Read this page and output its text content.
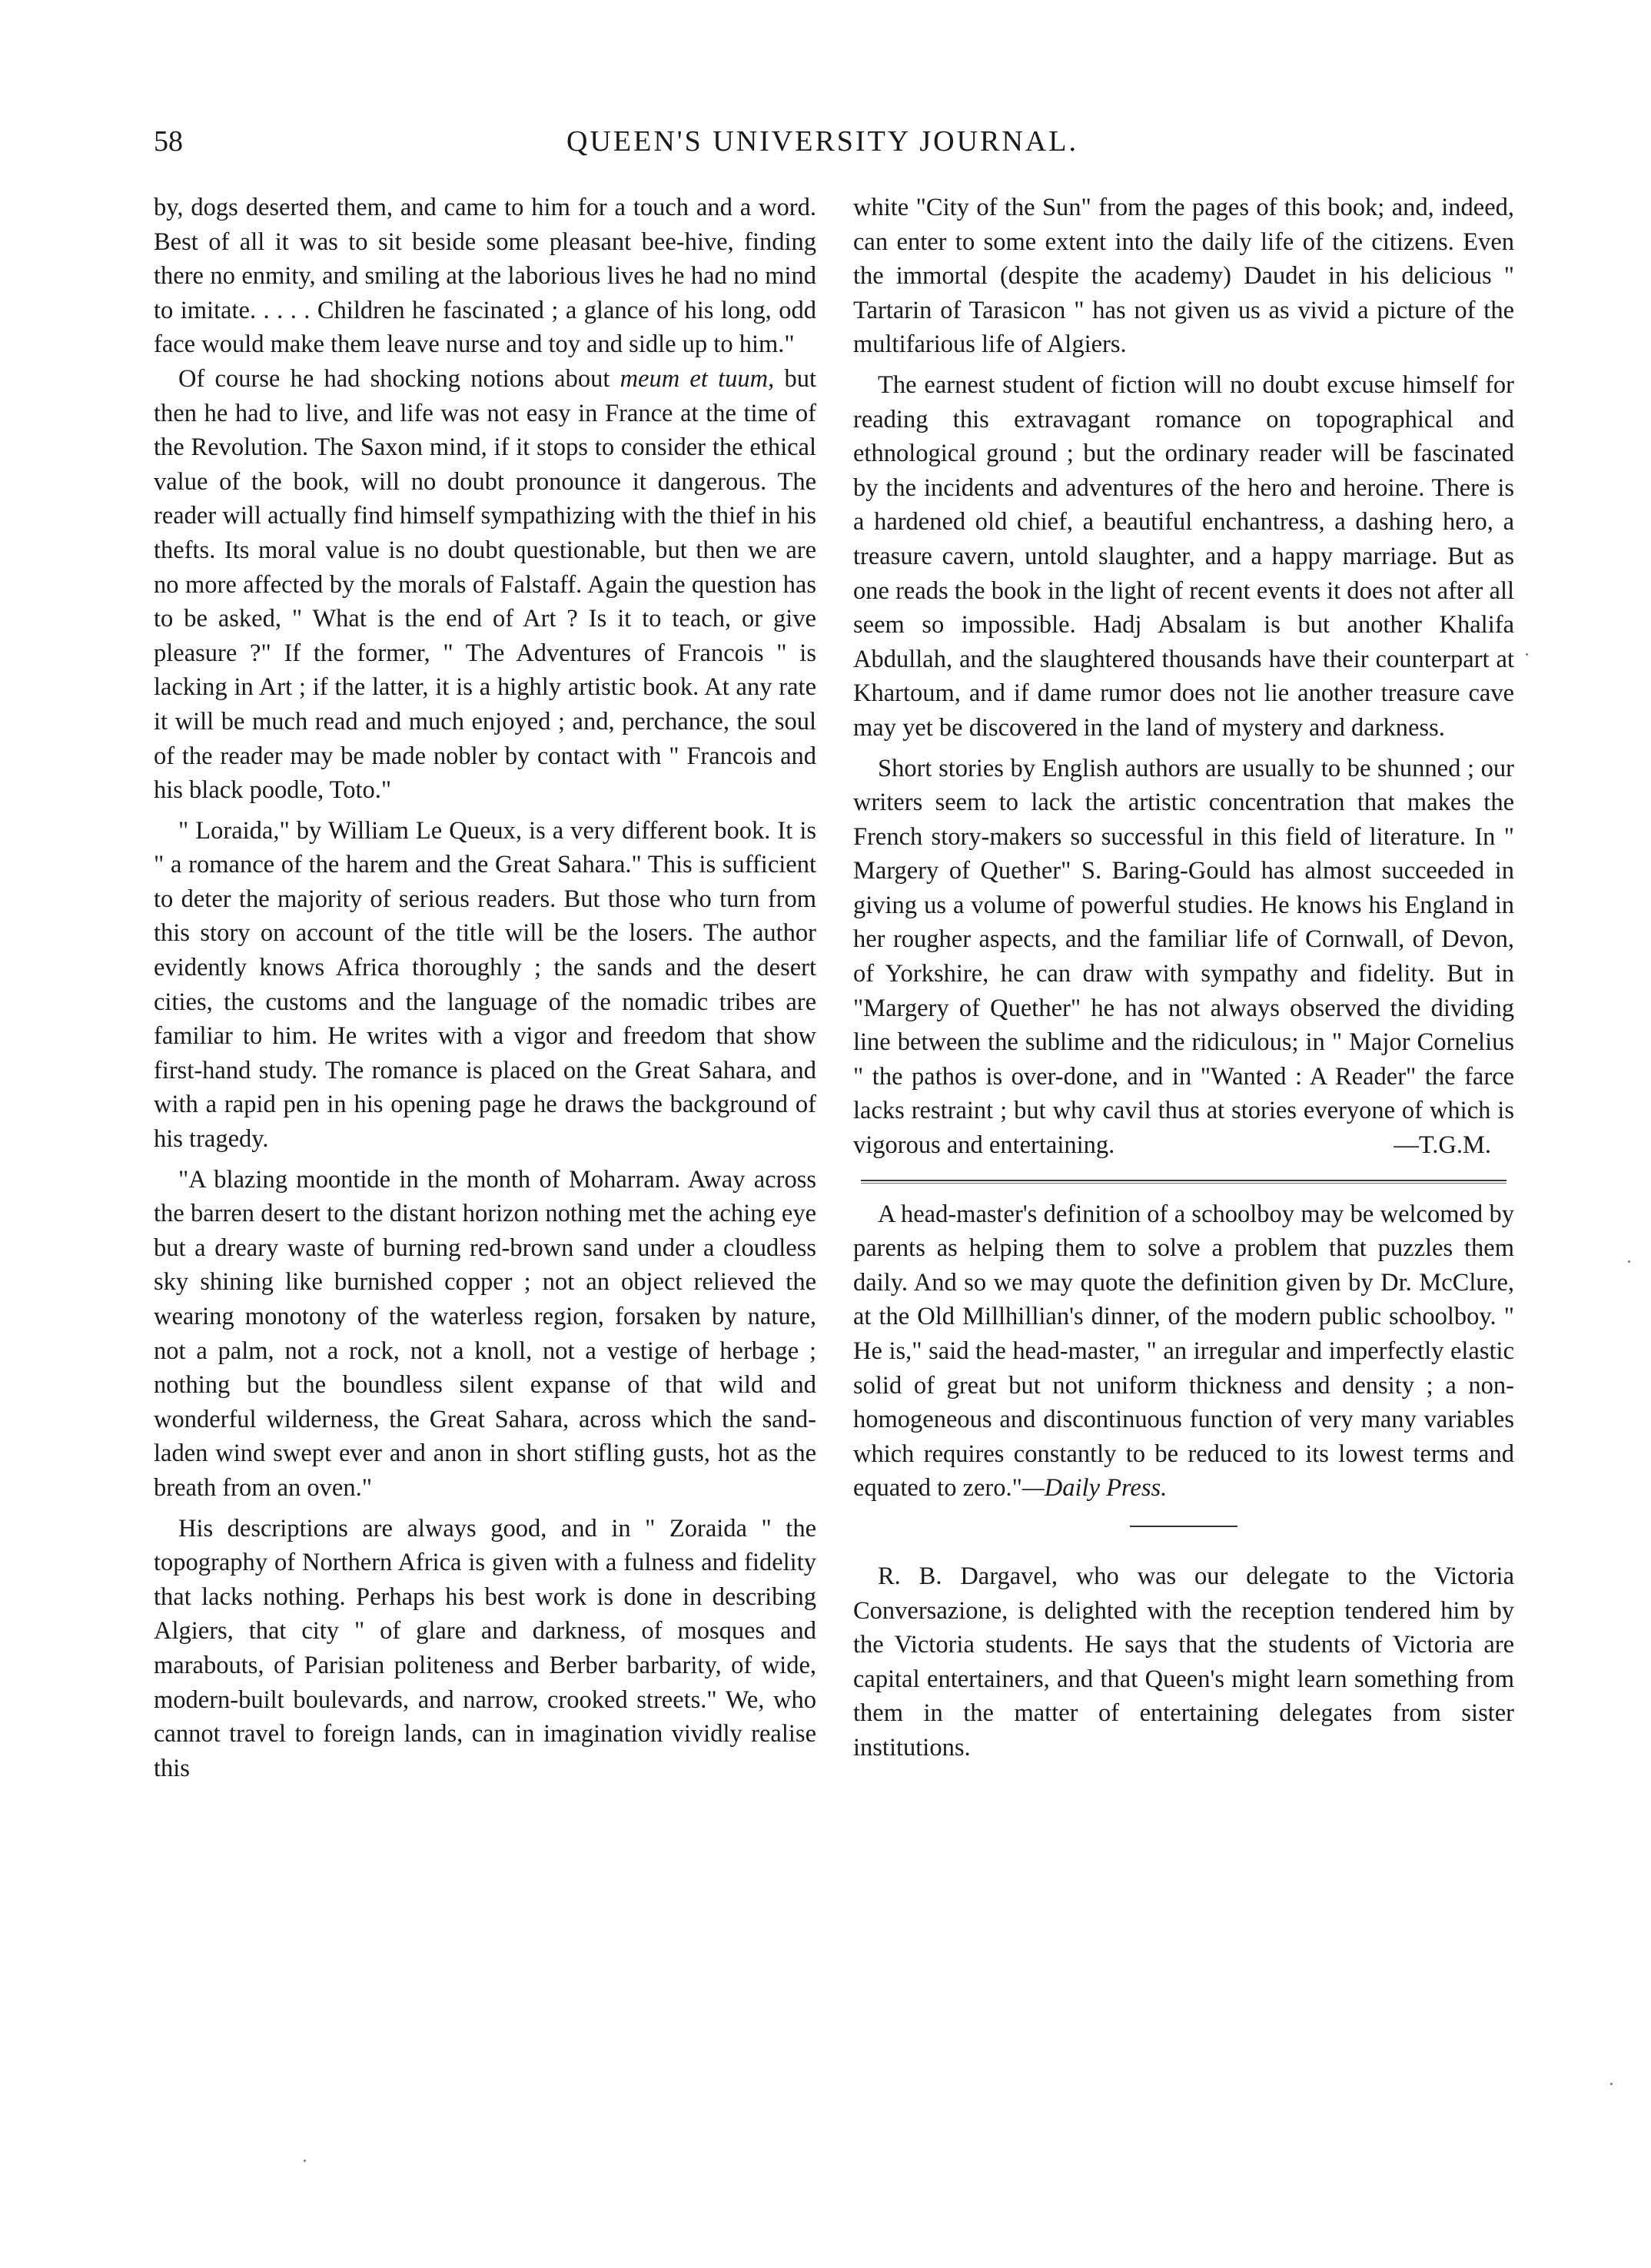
58	QUEEN'S UNIVERSITY JOURNAL.

by, dogs deserted them, and came to him for a touch and a word. Best of all it was to sit beside some pleasant bee-hive, finding there no enmity, and smiling at the laborious lives he had no mind to imitate. . . . . Children he fascinated ; a glance of his long, odd face would make them leave nurse and toy and sidle up to him."

Of course he had shocking notions about meum et tuum, but then he had to live, and life was not easy in France at the time of the Revolution. The Saxon mind, if it stops to consider the ethical value of the book, will no doubt pronounce it dangerous. The reader will actually find himself sympathizing with the thief in his thefts. Its moral value is no doubt questionable, but then we are no more affected by the morals of Falstaff. Again the question has to be asked, " What is the end of Art ? Is it to teach, or give pleasure ?" If the former, " The Adventures of Francois " is lacking in Art ; if the latter, it is a highly artistic book. At any rate it will be much read and much enjoyed ; and, perchance, the soul of the reader may be made nobler by contact with " Francois and his black poodle, Toto."

" Loraida," by William Le Queux, is a very different book. It is " a romance of the harem and the Great Sahara." This is sufficient to deter the majority of serious readers. But those who turn from this story on account of the title will be the losers. The author evidently knows Africa thoroughly ; the sands and the desert cities, the customs and the language of the nomadic tribes are familiar to him. He writes with a vigor and freedom that show first-hand study. The romance is placed on the Great Sahara, and with a rapid pen in his opening page he draws the background of his tragedy.

"A blazing moontide in the month of Moharram. Away across the barren desert to the distant horizon nothing met the aching eye but a dreary waste of burning red-brown sand under a cloudless sky shining like burnished copper ; not an object relieved the wearing monotony of the waterless region, forsaken by nature, not a palm, not a rock, not a knoll, not a vestige of herbage ; nothing but the boundless silent expanse of that wild and wonderful wilderness, the Great Sahara, across which the sand-laden wind swept ever and anon in short stifling gusts, hot as the breath from an oven."

His descriptions are always good, and in " Zoraida " the topography of Northern Africa is given with a fulness and fidelity that lacks nothing. Perhaps his best work is done in describing Algiers, that city " of glare and darkness, of mosques and marabouts, of Parisian politeness and Berber barbarity, of wide, modern-built boulevards, and narrow, crooked streets." We, who cannot travel to foreign lands, can in imagination vividly realise this

white "City of the Sun" from the pages of this book; and, indeed, can enter to some extent into the daily life of the citizens. Even the immortal (despite the academy) Daudet in his delicious " Tartarin of Tarasicon " has not given us as vivid a picture of the multifarious life of Algiers.

The earnest student of fiction will no doubt excuse himself for reading this extravagant romance on topographical and ethnological ground ; but the ordinary reader will be fascinated by the incidents and adventures of the hero and heroine. There is a hardened old chief, a beautiful enchantress, a dashing hero, a treasure cavern, untold slaughter, and a happy marriage. But as one reads the book in the light of recent events it does not after all seem so impossible. Hadj Absalam is but another Khalifa Abdullah, and the slaughtered thousands have their counterpart at Khartoum, and if dame rumor does not lie another treasure cave may yet be discovered in the land of mystery and darkness.

Short stories by English authors are usually to be shunned ; our writers seem to lack the artistic concentration that makes the French story-makers so successful in this field of literature. In " Margery of Quether" S. Baring-Gould has almost succeeded in giving us a volume of powerful studies. He knows his England in her rougher aspects, and the familiar life of Cornwall, of Devon, of Yorkshire, he can draw with sympathy and fidelity. But in "Margery of Quether" he has not always observed the dividing line between the sublime and the ridiculous; in " Major Cornelius " the pathos is over-done, and in "Wanted : A Reader" the farce lacks restraint ; but why cavil thus at stories everyone of which is vigorous and entertaining.	—T.G.M.

A head-master's definition of a schoolboy may be welcomed by parents as helping them to solve a problem that puzzles them daily. And so we may quote the definition given by Dr. McClure, at the Old Millhillian's dinner, of the modern public schoolboy. " He is," said the head-master, " an irregular and imperfectly elastic solid of great but not uniform thickness and density ; a non-homogeneous and discontinuous function of very many variables which requires constantly to be reduced to its lowest terms and equated to zero."—Daily Press.

R. B. Dargavel, who was our delegate to the Victoria Conversazione, is delighted with the reception tendered him by the Victoria students. He says that the students of Victoria are capital entertainers, and that Queen's might learn something from them in the matter of entertaining delegates from sister institutions.
